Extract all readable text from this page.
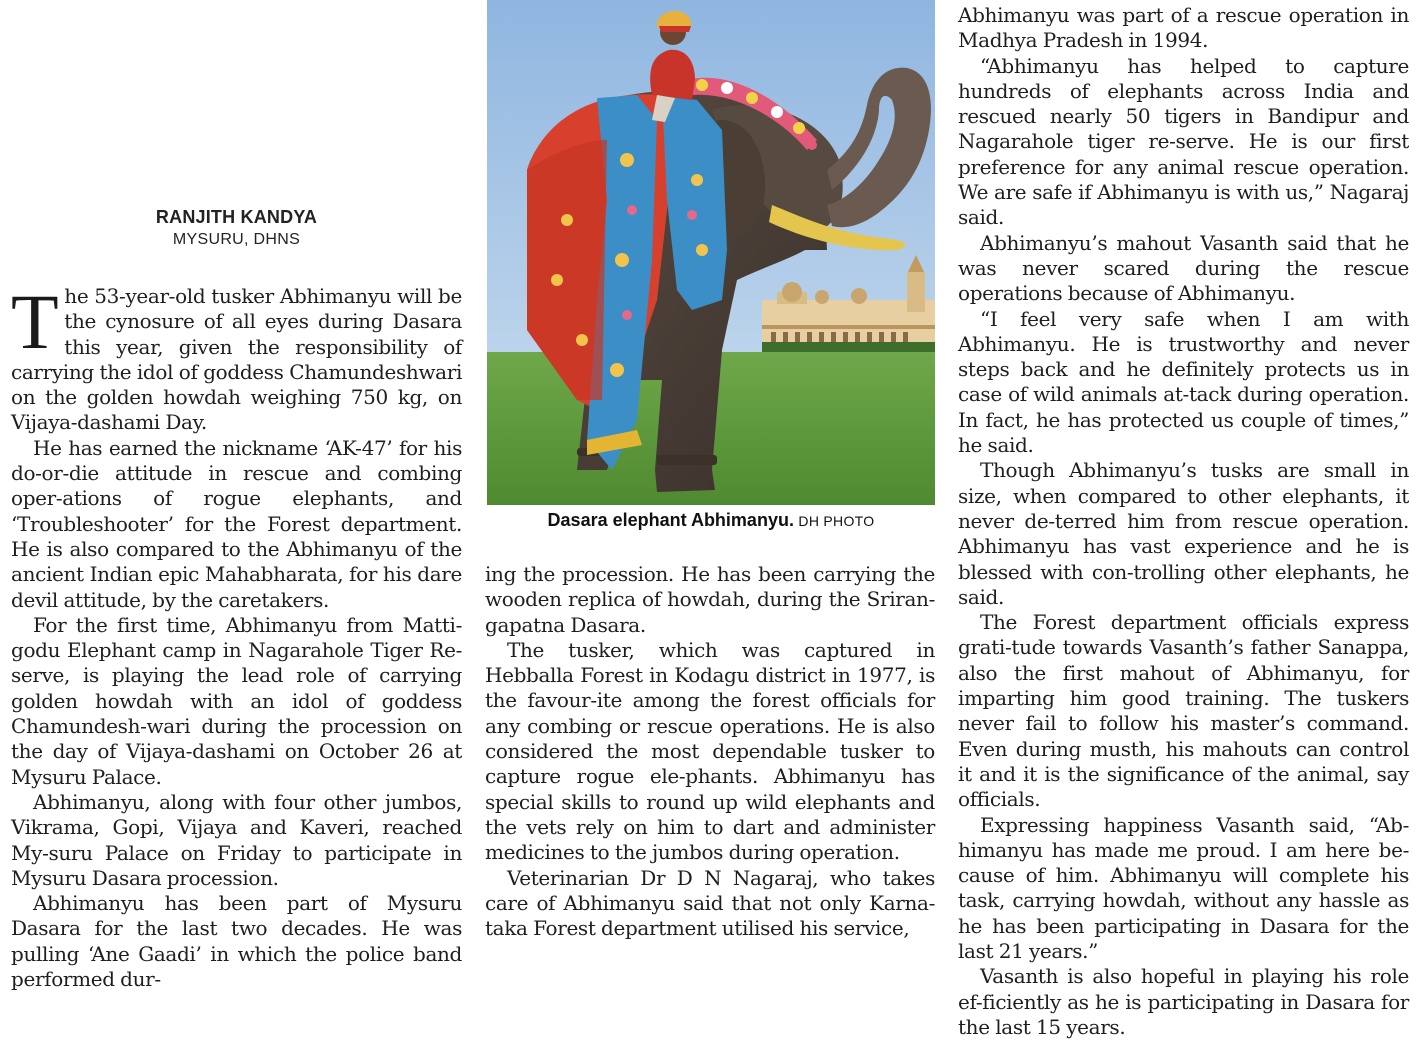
RANJITH KANDYA
MYSURU, DHNS

The 53-year-old tusker Abhimanyu will be the cynosure of all eyes during Dasara this year, given the responsibility of carrying the idol of goddess Chamundeshwari on the golden howdah weighing 750 kg, on Vijaya-dashami Day.

He has earned the nickname ‘AK-47’ for his do-or-die attitude in rescue and combing oper-ations of rogue elephants, and ‘Troubleshooter’ for the Forest department. He is also compared to the Abhimanyu of the ancient Indian epic Mahabharata, for his dare devil attitude, by the caretakers.

For the first time, Abhimanyu from Matti-godu Elephant camp in Nagarahole Tiger Re-serve, is playing the lead role of carrying golden howdah with an idol of goddess Chamundesh-wari during the procession on the day of Vijaya-dashami on October 26 at Mysuru Palace.

Abhimanyu, along with four other jumbos, Vikrama, Gopi, Vijaya and Kaveri, reached My-suru Palace on Friday to participate in Mysuru Dasara procession.

Abhimanyu has been part of Mysuru Dasara for the last two decades. He was pulling ‘Ane Gaadi’ in which the police band performed dur-

Dasara elephant Abhimanyu. DH PHOTO

ing the procession. He has been carrying the wooden replica of howdah, during the Sriran-gapatna Dasara.

The tusker, which was captured in Hebballa Forest in Kodagu district in 1977, is the favour-ite among the forest officials for any combing or rescue operations. He is also considered the most dependable tusker to capture rogue ele-phants. Abhimanyu has special skills to round up wild elephants and the vets rely on him to dart and administer medicines to the jumbos during operation.

Veterinarian Dr D N Nagaraj, who takes care of Abhimanyu said that not only Karna-taka Forest department utilised his service,

Abhimanyu was part of a rescue operation in Madhya Pradesh in 1994.

“Abhimanyu has helped to capture hundreds of elephants across India and rescued nearly 50 tigers in Bandipur and Nagarahole tiger re-serve. He is our first preference for any animal rescue operation. We are safe if Abhimanyu is with us,” Nagaraj said.

Abhimanyu’s mahout Vasanth said that he was never scared during the rescue operations because of Abhimanyu.

“I feel very safe when I am with Abhimanyu. He is trustworthy and never steps back and he definitely protects us in case of wild animals at-tack during operation. In fact, he has protected us couple of times,” he said.

Though Abhimanyu’s tusks are small in size, when compared to other elephants, it never de-terred him from rescue operation. Abhimanyu has vast experience and he is blessed with con-trolling other elephants, he said.

The Forest department officials express grati-tude towards Vasanth’s father Sanappa, also the first mahout of Abhimanyu, for imparting him good training. The tuskers never fail to follow his master’s command. Even during musth, his mahouts can control it and it is the significance of the animal, say officials.

Expressing happiness Vasanth said, “Ab-himanyu has made me proud. I am here be-cause of him. Abhimanyu will complete his task, carrying howdah, without any hassle as he has been participating in Dasara for the last 21 years.”

Vasanth is also hopeful in playing his role ef-ficiently as he is participating in Dasara for the last 15 years.
